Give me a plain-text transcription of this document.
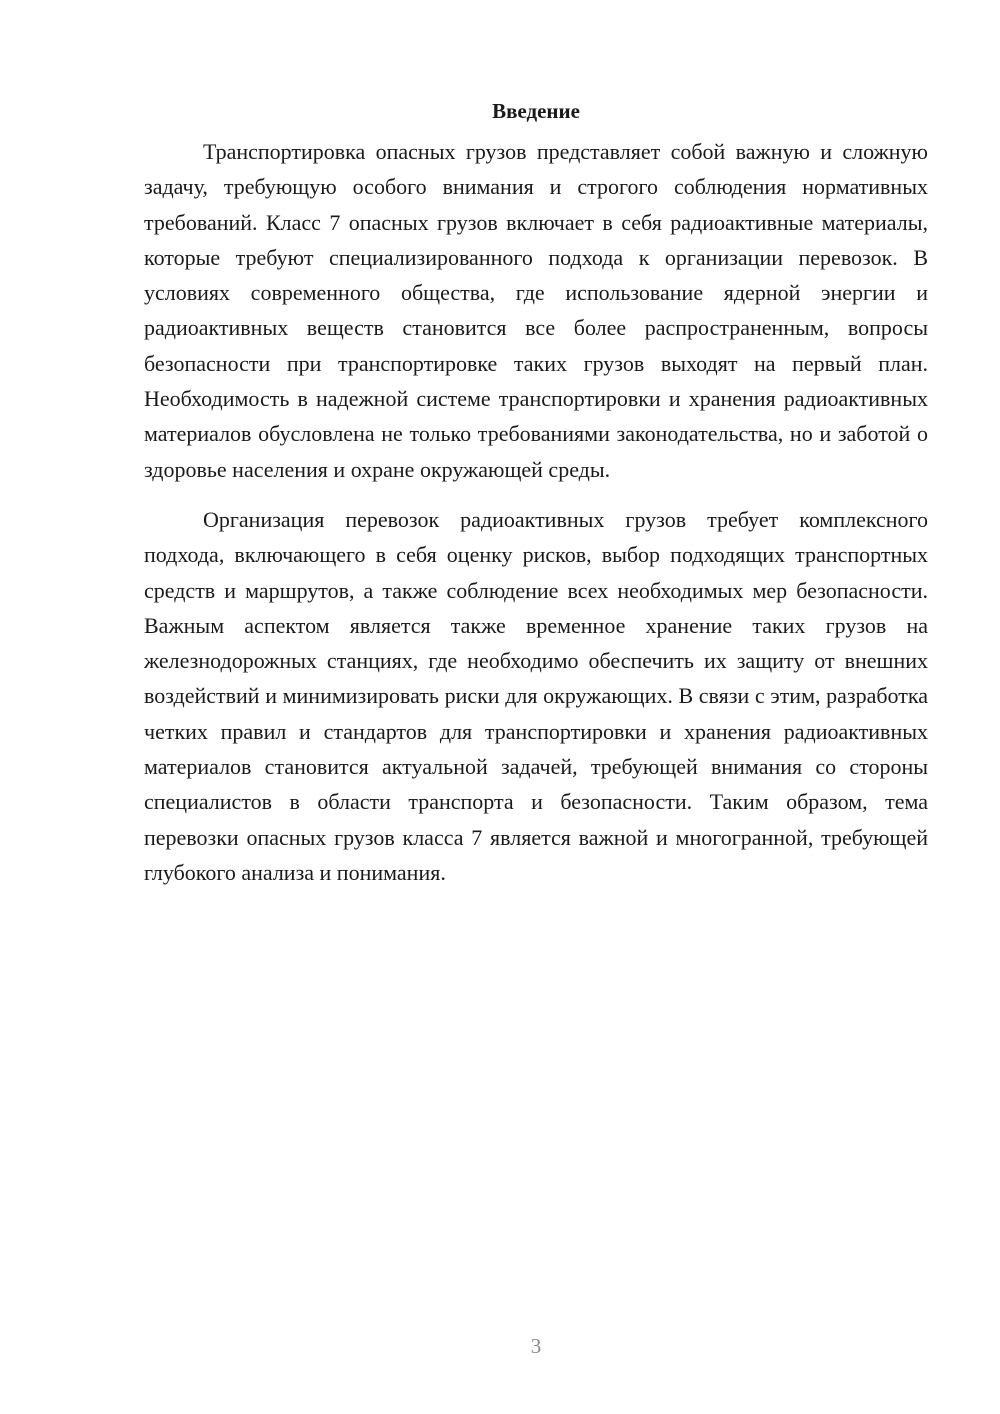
Введение

Транспортировка опасных грузов представляет собой важную и сложную задачу, требующую особого внимания и строгого соблюдения нормативных требований. Класс 7 опасных грузов включает в себя радиоактивные материалы, которые требуют специализированного подхода к организации перевозок. В условиях современного общества, где использование ядерной энергии и радиоактивных веществ становится все более распространенным, вопросы безопасности при транспортировке таких грузов выходят на первый план. Необходимость в надежной системе транспортировки и хранения радиоактивных материалов обусловлена не только требованиями законодательства, но и заботой о здоровье населения и охране окружающей среды.

Организация перевозок радиоактивных грузов требует комплексного подхода, включающего в себя оценку рисков, выбор подходящих транспортных средств и маршрутов, а также соблюдение всех необходимых мер безопасности. Важным аспектом является также временное хранение таких грузов на железнодорожных станциях, где необходимо обеспечить их защиту от внешних воздействий и минимизировать риски для окружающих. В связи с этим, разработка четких правил и стандартов для транспортировки и хранения радиоактивных материалов становится актуальной задачей, требующей внимания со стороны специалистов в области транспорта и безопасности. Таким образом, тема перевозки опасных грузов класса 7 является важной и многогранной, требующей глубокого анализа и понимания.

3
